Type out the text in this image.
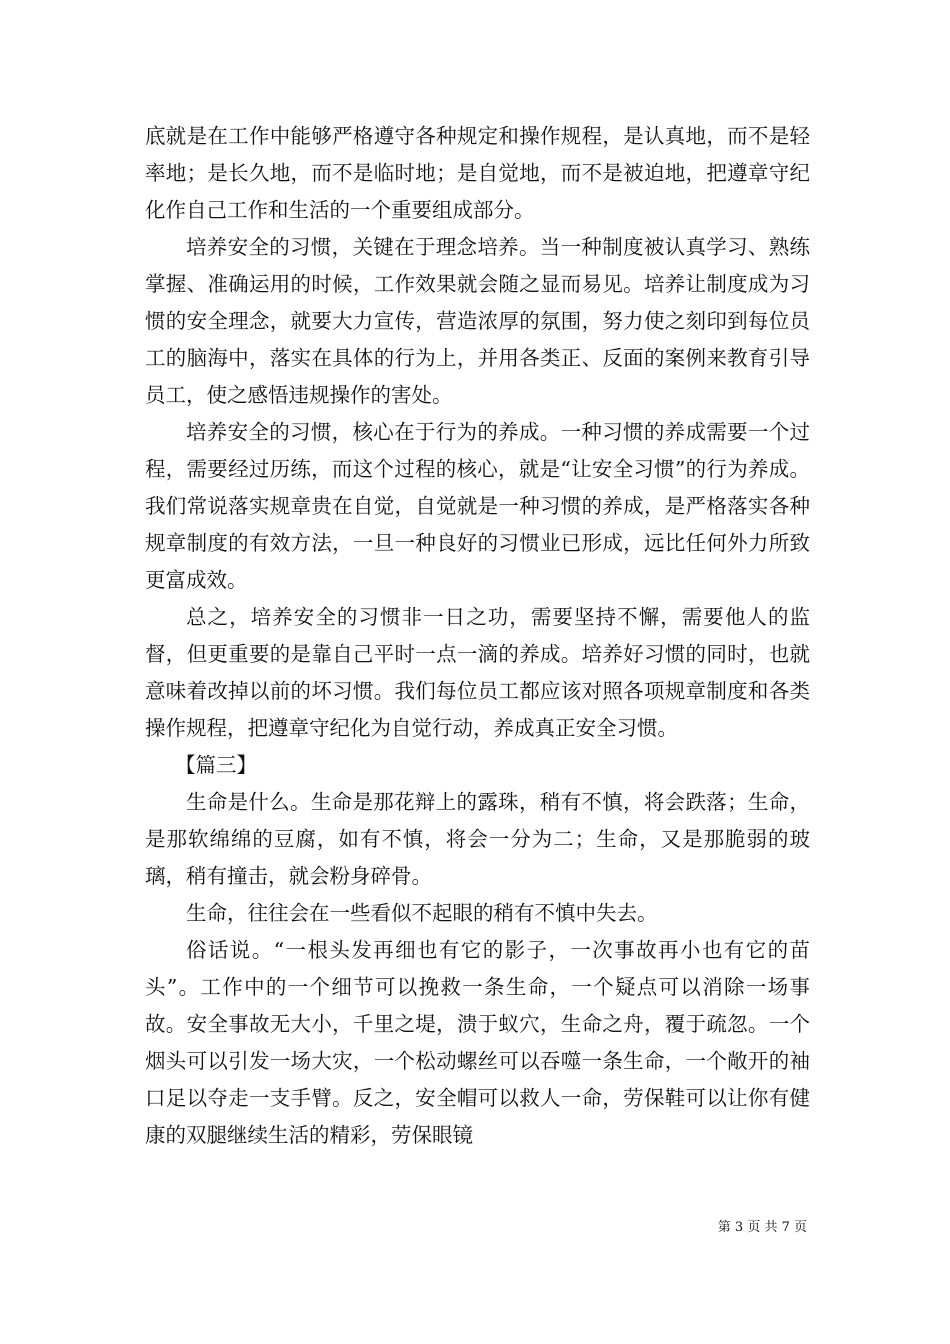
底就是在工作中能够严格遵守各种规定和操作规程，是认真地，而不是轻率地；是长久地，而不是临时地；是自觉地，而不是被迫地，把遵章守纪化作自己工作和生活的一个重要组成部分。

培养安全的习惯，关键在于理念培养。当一种制度被认真学习、熟练掌握、准确运用的时候，工作效果就会随之显而易见。培养让制度成为习惯的安全理念，就要大力宣传，营造浓厚的氛围，努力使之刻印到每位员工的脑海中，落实在具体的行为上，并用各类正、反面的案例来教育引导员工，使之感悟违规操作的害处。

培养安全的习惯，核心在于行为的养成。一种习惯的养成需要一个过程，需要经过历练，而这个过程的核心，就是“让安全习惯”的行为养成。我们常说落实规章贵在自觉，自觉就是一种习惯的养成，是严格落实各种规章制度的有效方法，一旦一种良好的习惯业已形成，远比任何外力所致更富成效。

总之，培养安全的习惯非一日之功，需要坚持不懈，需要他人的监督，但更重要的是靠自己平时一点一滴的养成。培养好习惯的同时，也就意味着改掉以前的坏习惯。我们每位员工都应该对照各项规章制度和各类操作规程，把遵章守纪化为自觉行动，养成真正安全习惯。

【篇三】

生命是什么。生命是那花辩上的露珠，稍有不慎，将会跌落；生命，是那软绵绵的豆腐，如有不慎，将会一分为二；生命，又是那脆弱的玻璃，稍有撞击，就会粉身碎骨。

生命，往往会在一些看似不起眼的稍有不慎中失去。

俗话说。“一根头发再细也有它的影子，一次事故再小也有它的苗头”。工作中的一个细节可以挽救一条生命，一个疑点可以消除一场事故。安全事故无大小，千里之堤，溃于蚁穴，生命之舟，覆于疏忽。一个烟头可以引发一场大灾，一个松动螺丝可以吞噬一条生命，一个敞开的袖口足以夺走一支手臂。反之，安全帽可以救人一命，劳保鞋可以让你有健康的双腿继续生活的精彩，劳保眼镜

第 3 页 共 7 页
